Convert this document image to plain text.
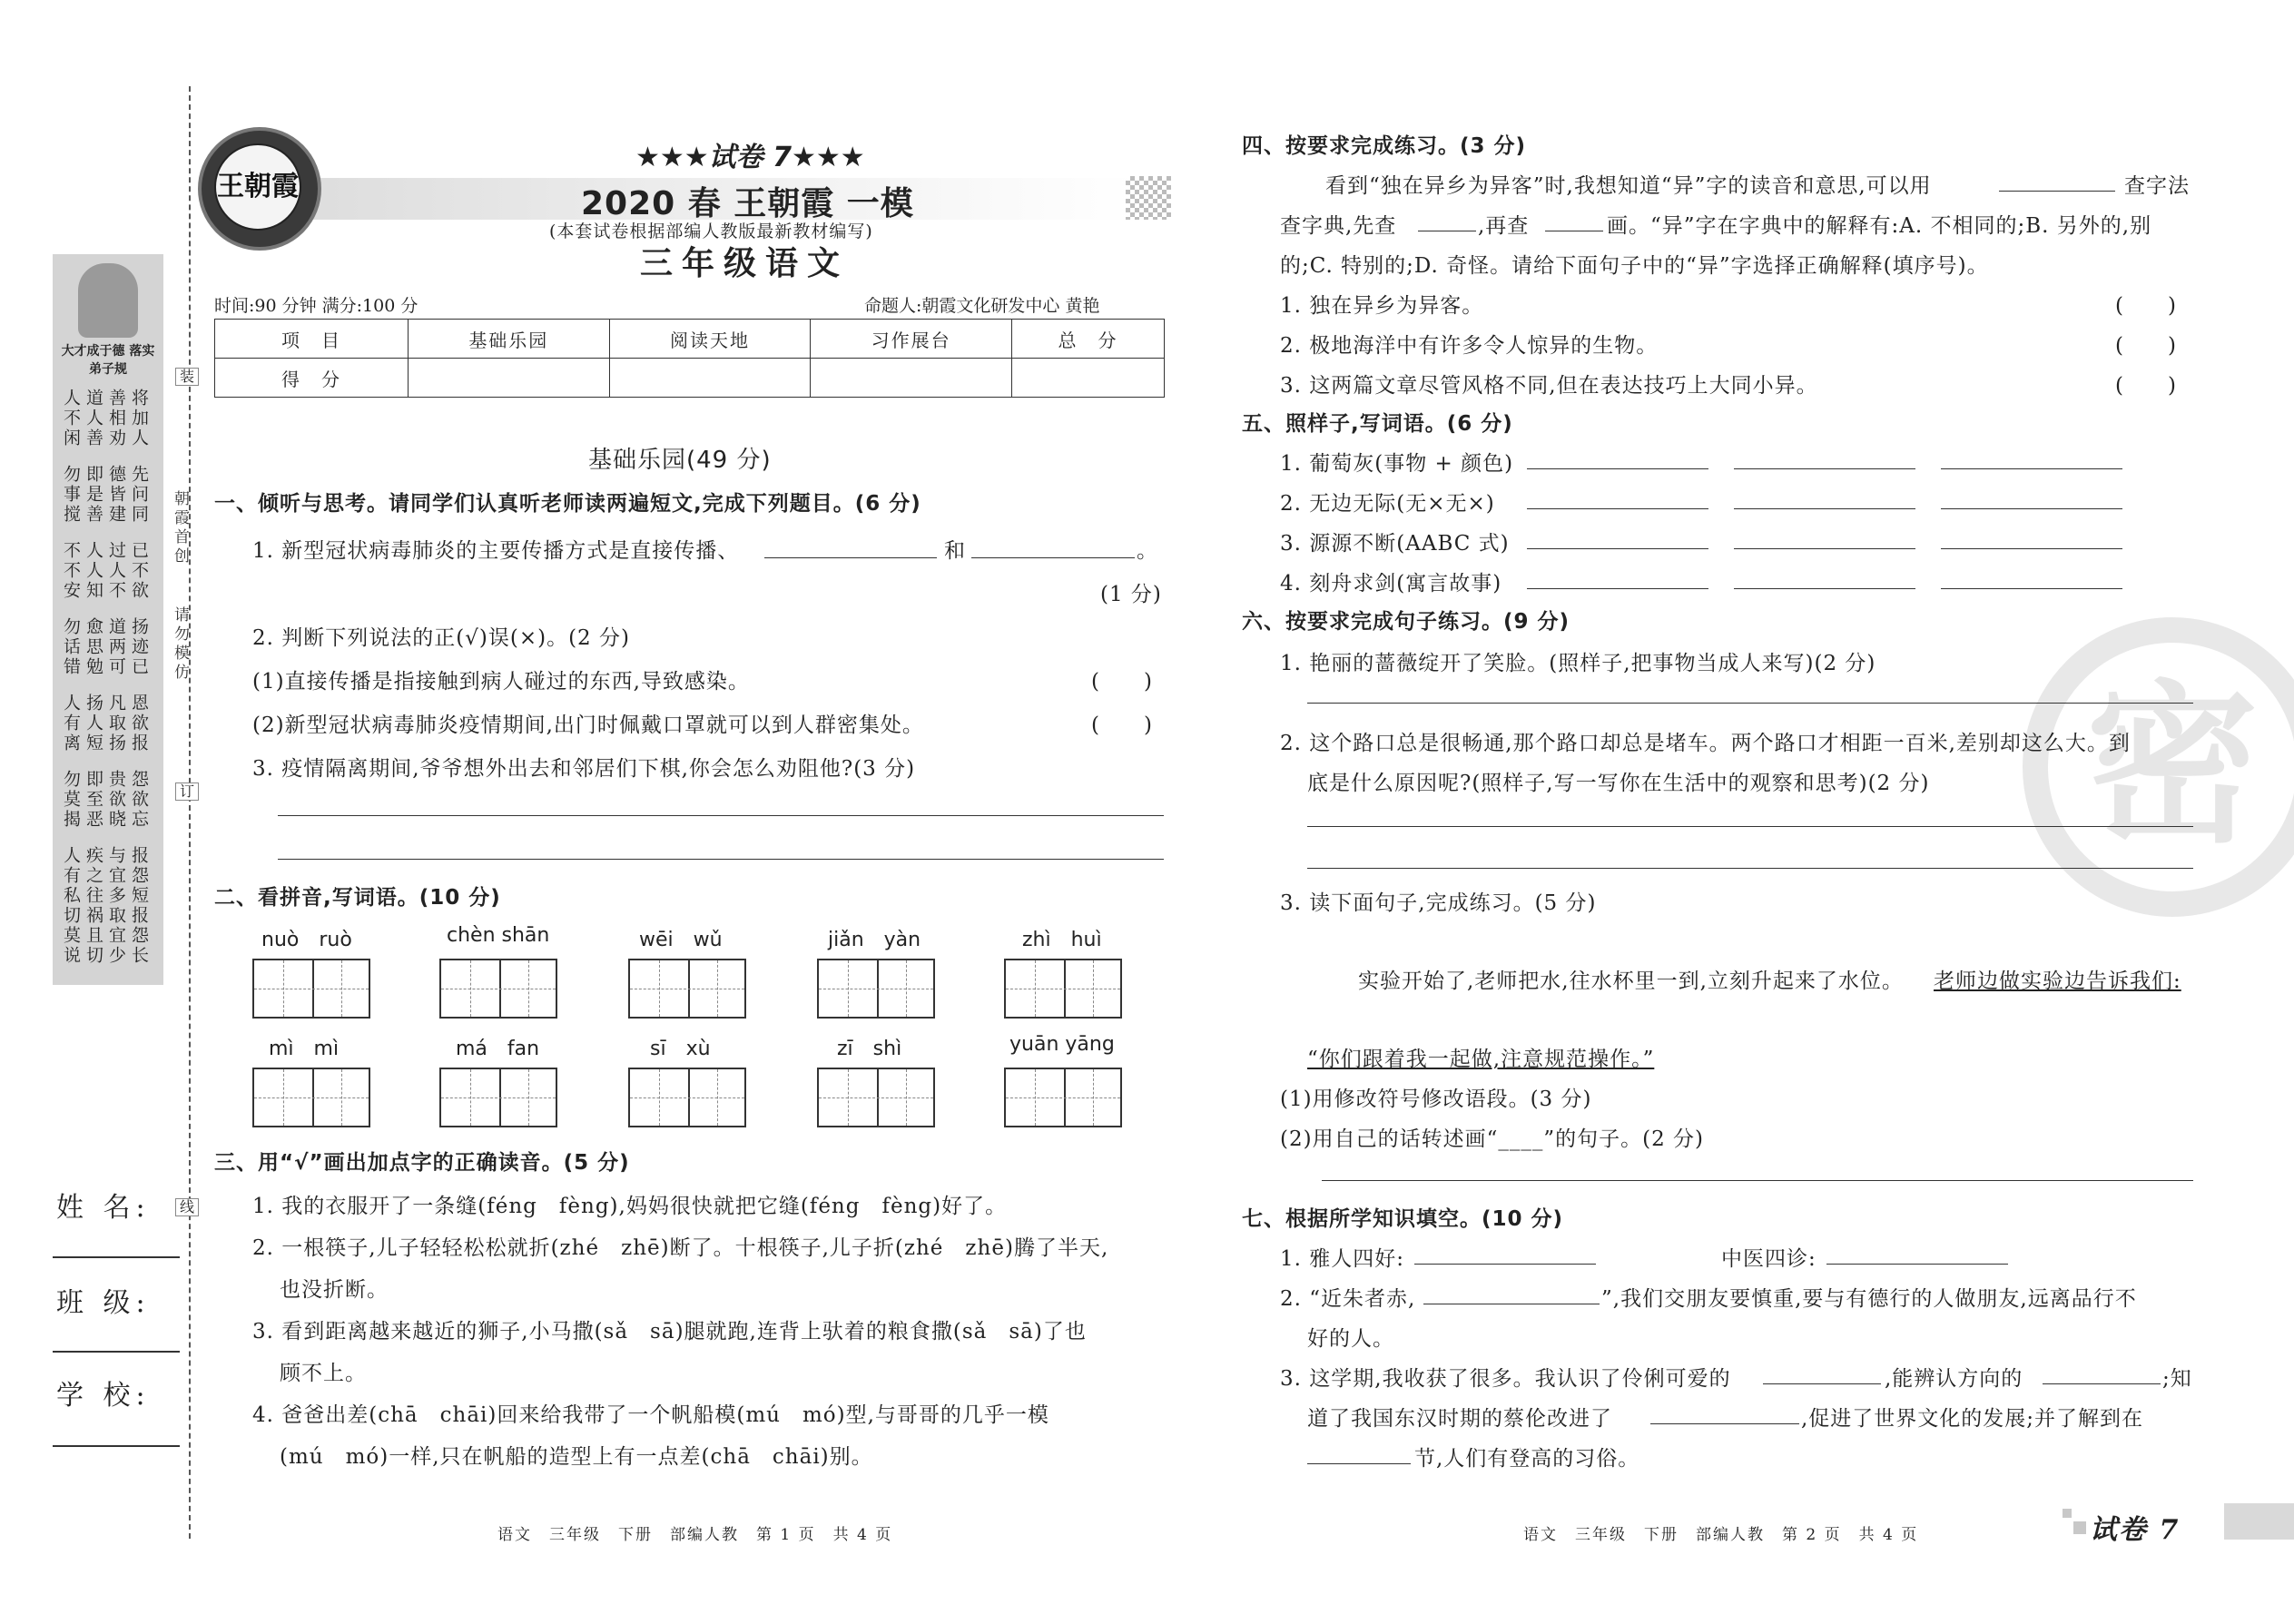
装
订
线
朝霞首创
请勿模仿
大才成于德 落实弟子规
将加人
善相劝
道人善
人不闲
先问同
德皆建
即是善
勿事搅
已不欲
过人不
人人知
不不安
扬迹已
道两可
愈思勉
勿话错
恩欲报
凡取扬
扬人短
人有离
怨欲忘
贵欲晓
即至恶
勿莫揭
报怨短
与宜多
疾之往
人有私
报怨长
取宜少
祸且切
切莫说
姓 名:
班 级:
学 校:
王朝霞
★★★试卷 7★★★
2020 春 王朝霞 一模
(本套试卷根据部编人教版最新教材编写)
三年级语文
时间:90 分钟 满分:100 分	命题人:朝霞文化研发中心 黄艳
项　目	基础乐园	阅读天地	习作展台	总　分
得　分				
基础乐园(49 分)
一、倾听与思考。请同学们认真听老师读两遍短文,完成下列题目。(6 分)
1. 新型冠状病毒肺炎的主要传播方式是直接传播、	和	。
(1 分)
2. 判断下列说法的正(√)误(×)。(2 分)
(1)直接传播是指接触到病人碰过的东西,导致感染。	(　　)
(2)新型冠状病毒肺炎疫情期间,出门时佩戴口罩就可以到人群密集处。	(　　)
3. 疫情隔离期间,爷爷想外出去和邻居们下棋,你会怎么劝阻他?(3 分)
二、看拼音,写词语。(10 分)
nuò　ruò	chèn shān	wēi　wǔ	jiǎn　yàn	zhì　huì
mì　mì	má　fan	sī　xù	zī　shì	yuān yāng
三、用“√”画出加点字的正确读音。(5 分)
1. 我的衣服开了一条缝(féng　fèng),妈妈很快就把它缝(féng　fèng)好了。
2. 一根筷子,儿子轻轻松松就折(zhé　zhē)断了。十根筷子,儿子折(zhé　zhē)腾了半天,
也没折断。
3. 看到距离越来越近的狮子,小马撒(sǎ　sā)腿就跑,连背上驮着的粮食撒(sǎ　sā)了也
顾不上。
4. 爸爸出差(chā　chāi)回来给我带了一个帆船模(mú　mó)型,与哥哥的几乎一模
(mú　mó)一样,只在帆船的造型上有一点差(chā　chāi)别。
语文　三年级　下册　部编人教　第 1 页　共 4 页
密
四、按要求完成练习。(3 分)
看到“独在异乡为异客”时,我想知道“异”字的读音和意思,可以用	查字法
查字典,先查	,再查	画。“异”字在字典中的解释有:A. 不相同的;B. 另外的,别
的;C. 特别的;D. 奇怪。请给下面句子中的“异”字选择正确解释(填序号)。
1. 独在异乡为异客。	(　　)
2. 极地海洋中有许多令人惊异的生物。	(　　)
3. 这两篇文章尽管风格不同,但在表达技巧上大同小异。	(　　)
五、照样子,写词语。(6 分)
1. 葡萄灰(事物 + 颜色)
2. 无边无际(无×无×)
3. 源源不断(AABC 式)
4. 刻舟求剑(寓言故事)
六、按要求完成句子练习。(9 分)
1. 艳丽的蔷薇绽开了笑脸。(照样子,把事物当成人来写)(2 分)
2. 这个路口总是很畅通,那个路口却总是堵车。两个路口才相距一百米,差别却这么大。到
底是什么原因呢?(照样子,写一写你在生活中的观察和思考)(2 分)
3. 读下面句子,完成练习。(5 分)
实验开始了,老师把水,往水杯里一到,立刻升起来了水位。 老师边做实验边告诉我们:
“你们跟着我一起做,注意规范操作。”
(1)用修改符号修改语段。(3 分)
(2)用自己的话转述画“____”的句子。(2 分)
七、根据所学知识填空。(10 分)
1. 雅人四好:	中医四诊:
2. “近朱者赤,	”,我们交朋友要慎重,要与有德行的人做朋友,远离品行不
好的人。
3. 这学期,我收获了很多。我认识了伶俐可爱的	,能辨认方向的	;知
道了我国东汉时期的蔡伦改进了	,促进了世界文化的发展;并了解到在
节,人们有登高的习俗。
语文　三年级　下册　部编人教　第 2 页　共 4 页	试卷 7
